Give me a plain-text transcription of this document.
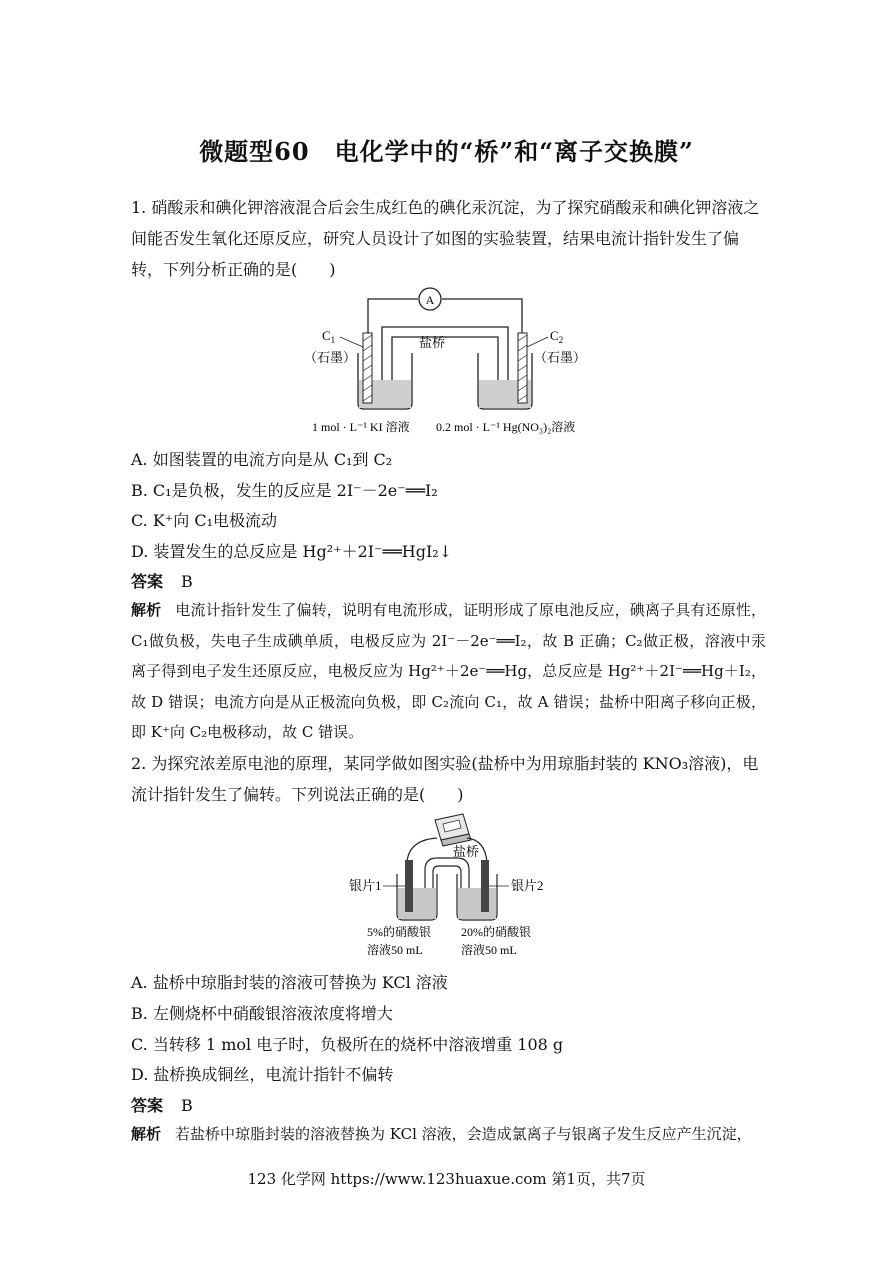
微题型60　电化学中的“桥”和“离子交换膜”
1. 硝酸汞和碘化钾溶液混合后会生成红色的碘化汞沉淀，为了探究硝酸汞和碘化钾溶液之间能否发生氧化还原反应，研究人员设计了如图的实验装置，结果电流计指针发生了偏转，下列分析正确的是(　　)
A
盐桥
$C_1$
（石墨）
$C_2$
（石墨）
1 mol · L⁻¹ KI 溶液 0.2 mol · L⁻¹ Hg(NO₃)₂溶液
A. 如图装置的电流方向是从 C₁到 C₂
B. C₁是负极，发生的反应是 2I⁻－2e⁻══I₂
C. K⁺向 C₁电极流动
D. 装置发生的总反应是 Hg²⁺＋2I⁻══HgI₂↓
答案 B
解析 电流计指针发生了偏转，说明有电流形成，证明形成了原电池反应，碘离子具有还原性，C₁做负极，失电子生成碘单质，电极反应为 2I⁻－2e⁻══I₂，故 B 正确；C₂做正极，溶液中汞离子得到电子发生还原反应，电极反应为 Hg²⁺＋2e⁻══Hg，总反应是 Hg²⁺＋2I⁻══Hg＋I₂，故 D 错误；电流方向是从正极流向负极，即 C₂流向 C₁，故 A 错误；盐桥中阳离子移向正极，即 K⁺向 C₂电极移动，故 C 错误。
2. 为探究浓差原电池的原理，某同学做如图实验(盐桥中为用琼脂封装的 KNO₃溶液)，电流计指针发生了偏转。下列说法正确的是(　　)
盐桥
银片1	银片2
5%的硝酸银
溶液50 mL
20%的硝酸银
溶液50 mL
A. 盐桥中琼脂封装的溶液可替换为 KCl 溶液
B. 左侧烧杯中硝酸银溶液浓度将增大
C. 当转移 1 mol 电子时，负极所在的烧杯中溶液增重 108 g
D. 盐桥换成铜丝，电流计指针不偏转
答案 B
解析 若盐桥中琼脂封装的溶液替换为 KCl 溶液，会造成氯离子与银离子发生反应产生沉淀，
123 化学网 https://www.123huaxue.com 第1页，共7页
